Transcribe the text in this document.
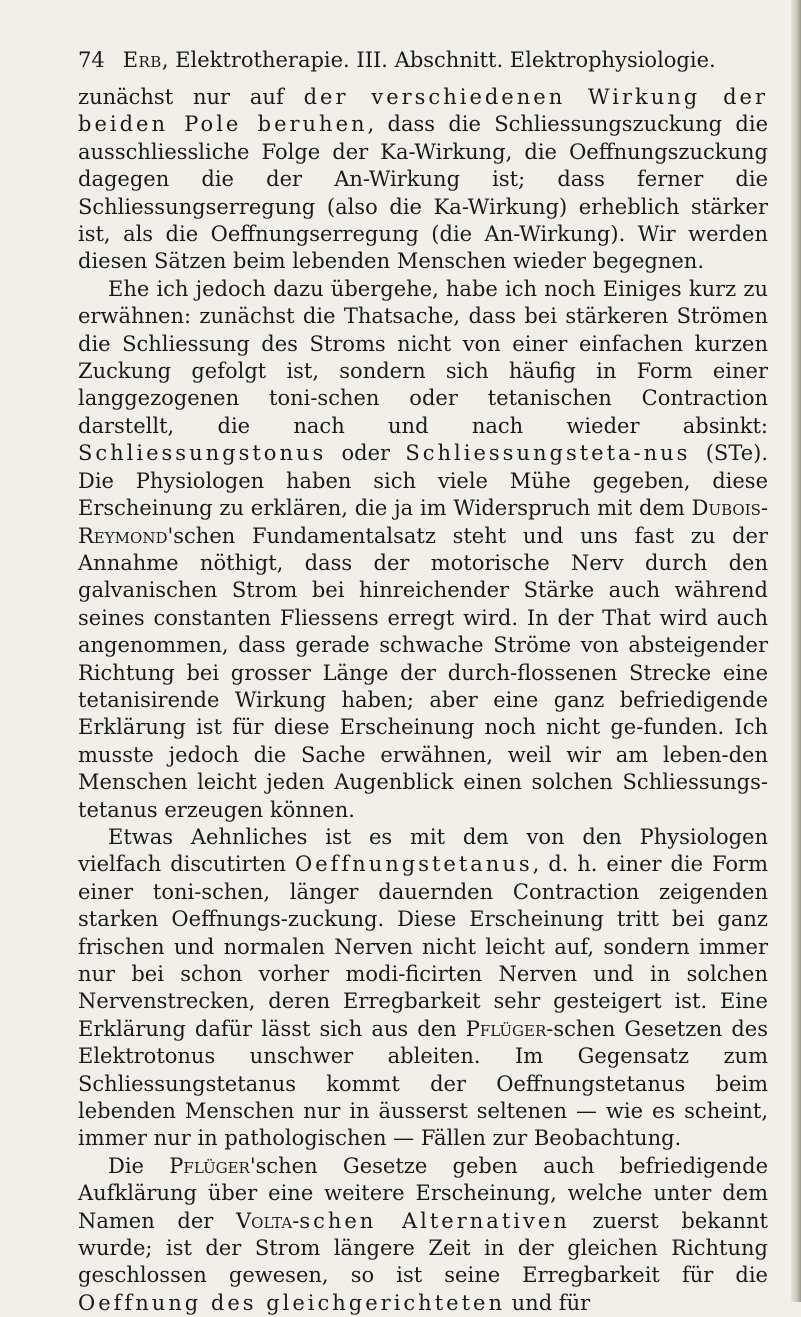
74 Erb, Elektrotherapie. III. Abschnitt. Elektrophysiologie.

zunächst nur auf der verschiedenen Wirkung der beiden Pole beruhen, dass die Schliessungszuckung die ausschliessliche Folge der Ka-Wirkung, die Oeffnungszuckung dagegen die der An-Wirkung ist; dass ferner die Schliessungserregung (also die Ka-Wirkung) erheblich stärker ist, als die Oeffnungserregung (die An-Wirkung). Wir werden diesen Sätzen beim lebenden Menschen wieder begegnen.

Ehe ich jedoch dazu übergehe, habe ich noch Einiges kurz zu erwähnen: zunächst die Thatsache, dass bei stärkeren Strömen die Schliessung des Stroms nicht von einer einfachen kurzen Zuckung gefolgt ist, sondern sich häufig in Form einer langgezogenen toni-schen oder tetanischen Contraction darstellt, die nach und nach wieder absinkt: Schliessungstonus oder Schliessungsteta-nus (STe). Die Physiologen haben sich viele Mühe gegeben, diese Erscheinung zu erklären, die ja im Widerspruch mit dem Dubois-Reymond'schen Fundamentalsatz steht und uns fast zu der Annahme nöthigt, dass der motorische Nerv durch den galvanischen Strom bei hinreichender Stärke auch während seines constanten Fliessens erregt wird. In der That wird auch angenommen, dass gerade schwache Ströme von absteigender Richtung bei grosser Länge der durch-flossenen Strecke eine tetanisirende Wirkung haben; aber eine ganz befriedigende Erklärung ist für diese Erscheinung noch nicht ge-funden. Ich musste jedoch die Sache erwähnen, weil wir am leben-den Menschen leicht jeden Augenblick einen solchen Schliessungs-tetanus erzeugen können.

Etwas Aehnliches ist es mit dem von den Physiologen vielfach discutirten Oeffnungstetanus, d. h. einer die Form einer toni-schen, länger dauernden Contraction zeigenden starken Oeffnungs-zuckung. Diese Erscheinung tritt bei ganz frischen und normalen Nerven nicht leicht auf, sondern immer nur bei schon vorher modi-ficirten Nerven und in solchen Nervenstrecken, deren Erregbarkeit sehr gesteigert ist. Eine Erklärung dafür lässt sich aus den Pflüger-schen Gesetzen des Elektrotonus unschwer ableiten. Im Gegensatz zum Schliessungstetanus kommt der Oeffnungstetanus beim lebenden Menschen nur in äusserst seltenen — wie es scheint, immer nur in pathologischen — Fällen zur Beobachtung.

Die Pflüger'schen Gesetze geben auch befriedigende Aufklärung über eine weitere Erscheinung, welche unter dem Namen der Volta-schen Alternativen zuerst bekannt wurde; ist der Strom längere Zeit in der gleichen Richtung geschlossen gewesen, so ist seine Erregbarkeit für die Oeffnung des gleichgerichteten und für
